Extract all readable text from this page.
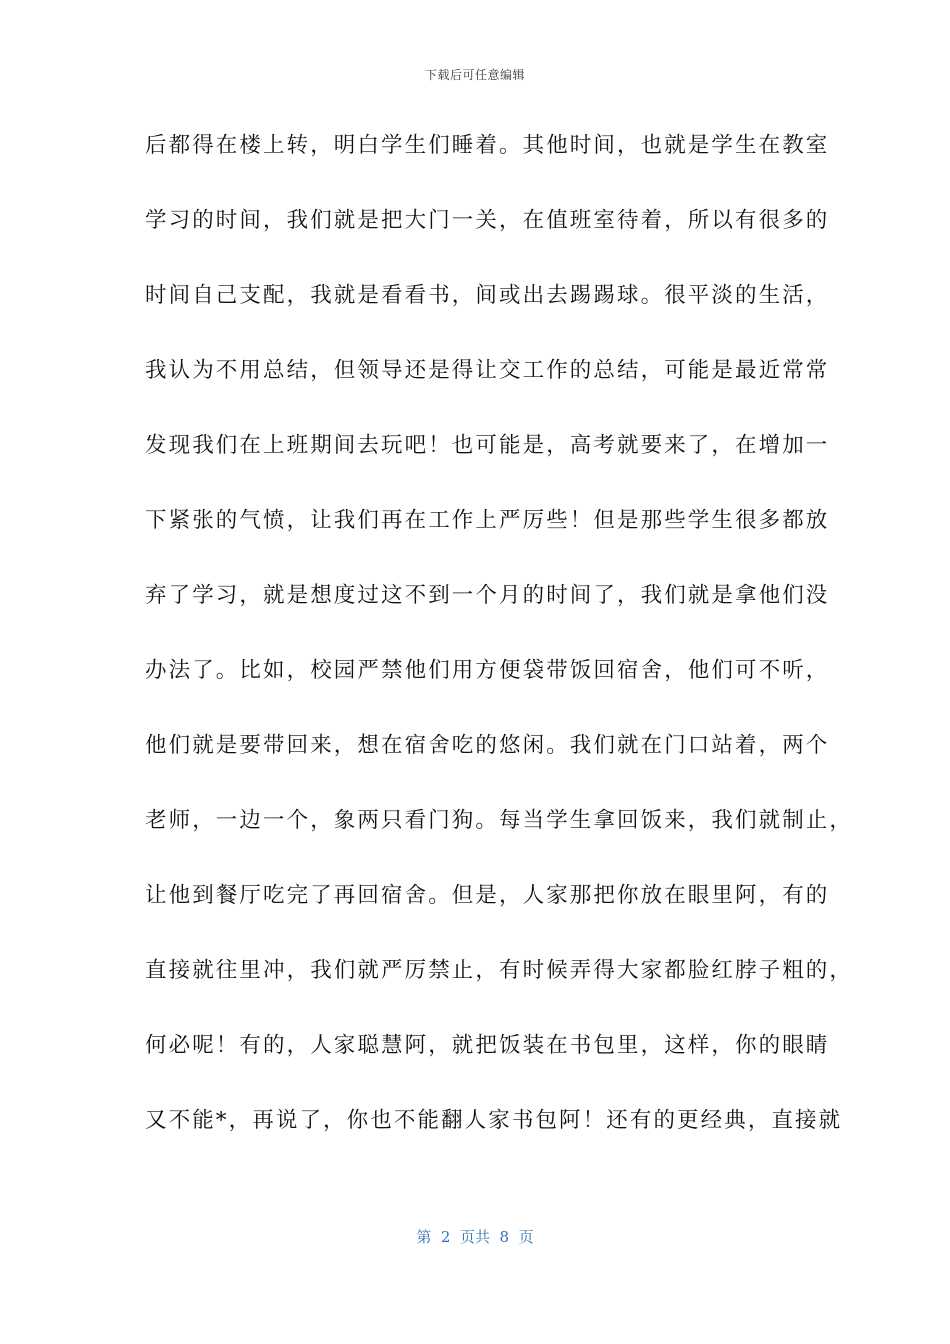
下载后可任意编辑
后都得在楼上转，明白学生们睡着。其他时间，也就是学生在教室
学习的时间，我们就是把大门一关，在值班室待着，所以有很多的
时间自己支配，我就是看看书，间或出去踢踢球。很平淡的生活，
我认为不用总结，但领导还是得让交工作的总结，可能是最近常常
发现我们在上班期间去玩吧！也可能是，高考就要来了，在增加一
下紧张的气愤，让我们再在工作上严厉些！但是那些学生很多都放
弃了学习，就是想度过这不到一个月的时间了，我们就是拿他们没
办法了。比如，校园严禁他们用方便袋带饭回宿舍，他们可不听，
他们就是要带回来，想在宿舍吃的悠闲。我们就在门口站着，两个
老师，一边一个，象两只看门狗。每当学生拿回饭来，我们就制止，
让他到餐厅吃完了再回宿舍。但是，人家那把你放在眼里阿，有的
直接就往里冲，我们就严厉禁止，有时候弄得大家都脸红脖子粗的，
何必呢！有的，人家聪慧阿，就把饭装在书包里，这样，你的眼睛
又不能*，再说了，你也不能翻人家书包阿！还有的更经典，直接就
第  2  页共  8  页
